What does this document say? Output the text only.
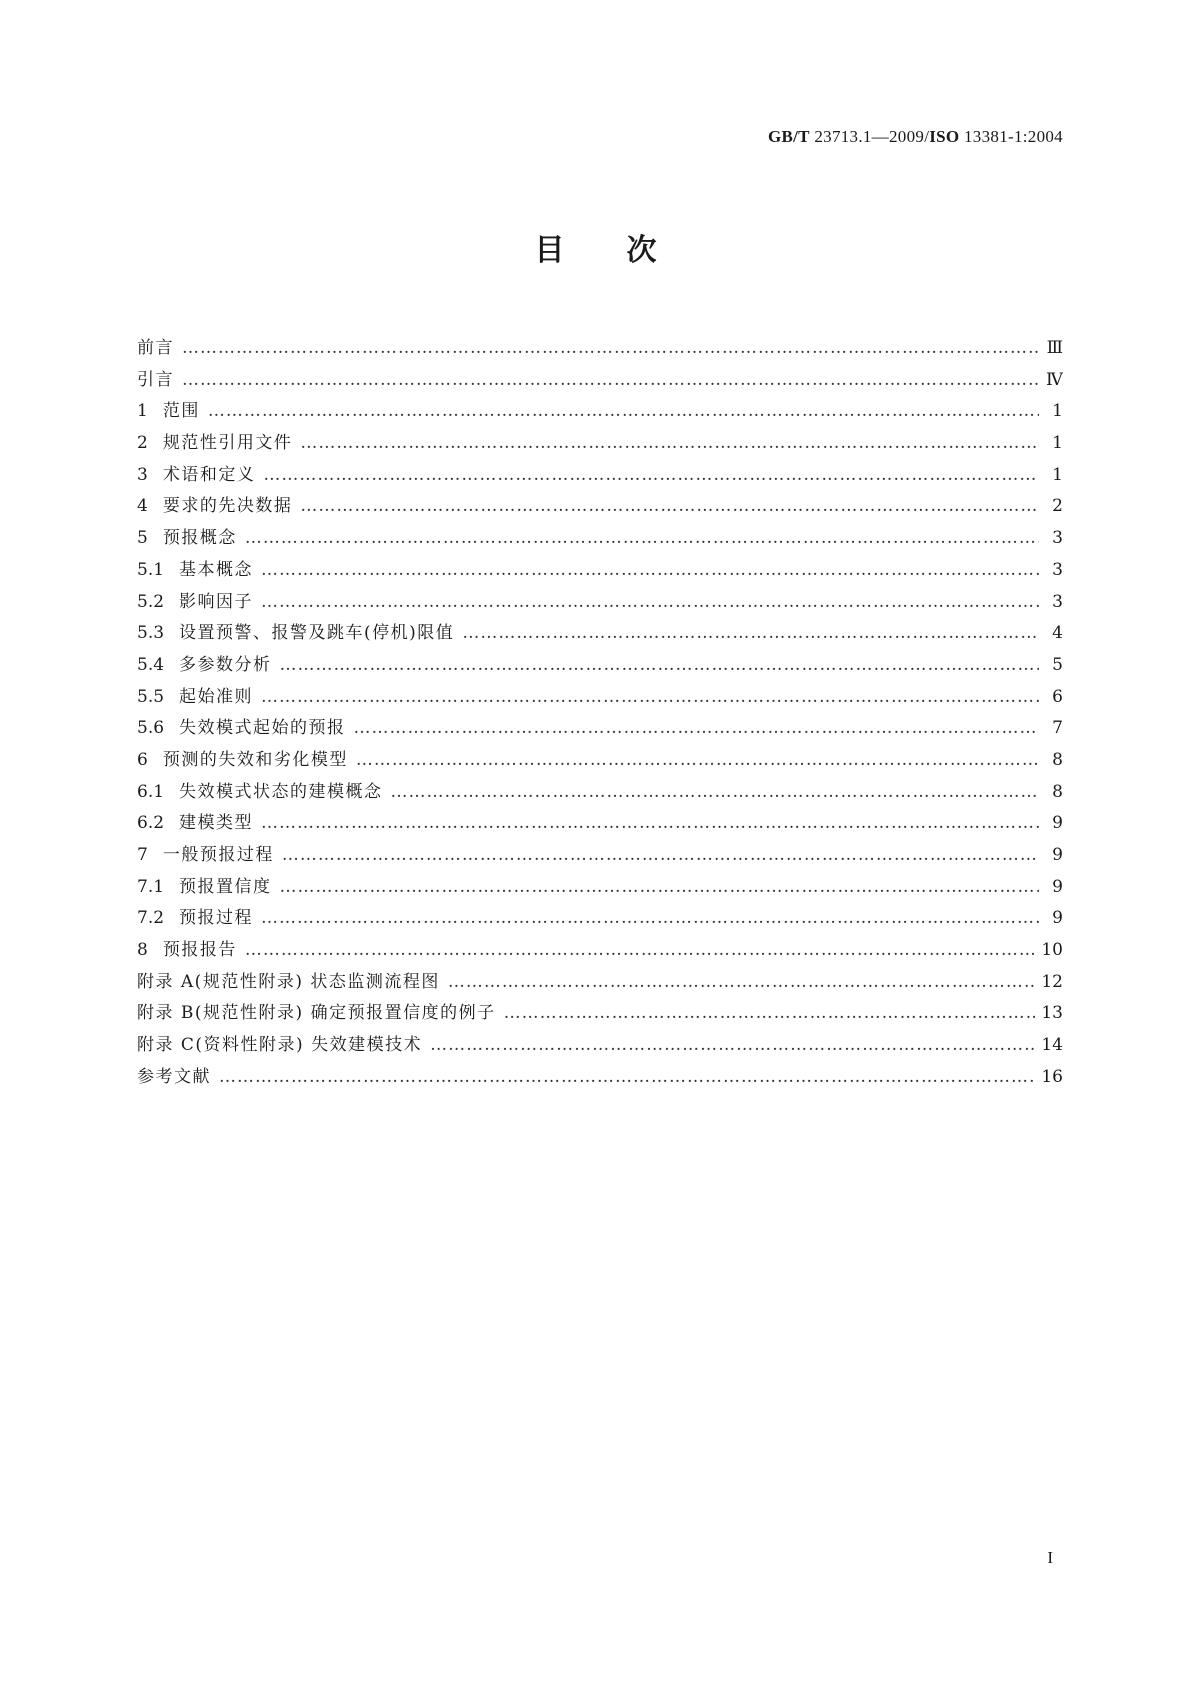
GB/T 23713.1—2009/ISO 13381-1:2004
目次
前言 …………………………………………………………………………………………………………………………………………………………………………………………………………………………	Ⅲ
引言 …………………………………………………………………………………………………………………………………………………………………………………………………………………………	Ⅳ
1 范围 …………………………………………………………………………………………………………………………………………………………………………………………………………………………	1
2 规范性引用文件 …………………………………………………………………………………………………………………………………………………………………………………………………………………………	1
3 术语和定义 …………………………………………………………………………………………………………………………………………………………………………………………………………………………	1
4 要求的先决数据 …………………………………………………………………………………………………………………………………………………………………………………………………………………………	2
5 预报概念 …………………………………………………………………………………………………………………………………………………………………………………………………………………………	3
5.1 基本概念 …………………………………………………………………………………………………………………………………………………………………………………………………………………………	3
5.2 影响因子 …………………………………………………………………………………………………………………………………………………………………………………………………………………………	3
5.3 设置预警、报警及跳车(停机)限值 …………………………………………………………………………………………………………………………………………………………………………………………………………………………	4
5.4 多参数分析 …………………………………………………………………………………………………………………………………………………………………………………………………………………………	5
5.5 起始准则 …………………………………………………………………………………………………………………………………………………………………………………………………………………………	6
5.6 失效模式起始的预报 …………………………………………………………………………………………………………………………………………………………………………………………………………………………	7
6 预测的失效和劣化模型 …………………………………………………………………………………………………………………………………………………………………………………………………………………………	8
6.1 失效模式状态的建模概念 …………………………………………………………………………………………………………………………………………………………………………………………………………………………	8
6.2 建模类型 …………………………………………………………………………………………………………………………………………………………………………………………………………………………	9
7 一般预报过程 …………………………………………………………………………………………………………………………………………………………………………………………………………………………	9
7.1 预报置信度 …………………………………………………………………………………………………………………………………………………………………………………………………………………………	9
7.2 预报过程 …………………………………………………………………………………………………………………………………………………………………………………………………………………………	9
8 预报报告 …………………………………………………………………………………………………………………………………………………………………………………………………………………………	10
附录 A(规范性附录) 状态监测流程图 …………………………………………………………………………………………………………………………………………………………………………………………………………………………	12
附录 B(规范性附录) 确定预报置信度的例子 …………………………………………………………………………………………………………………………………………………………………………………………………………………………	13
附录 C(资料性附录) 失效建模技术 …………………………………………………………………………………………………………………………………………………………………………………………………………………………	14
参考文献 …………………………………………………………………………………………………………………………………………………………………………………………………………………………	16
I
